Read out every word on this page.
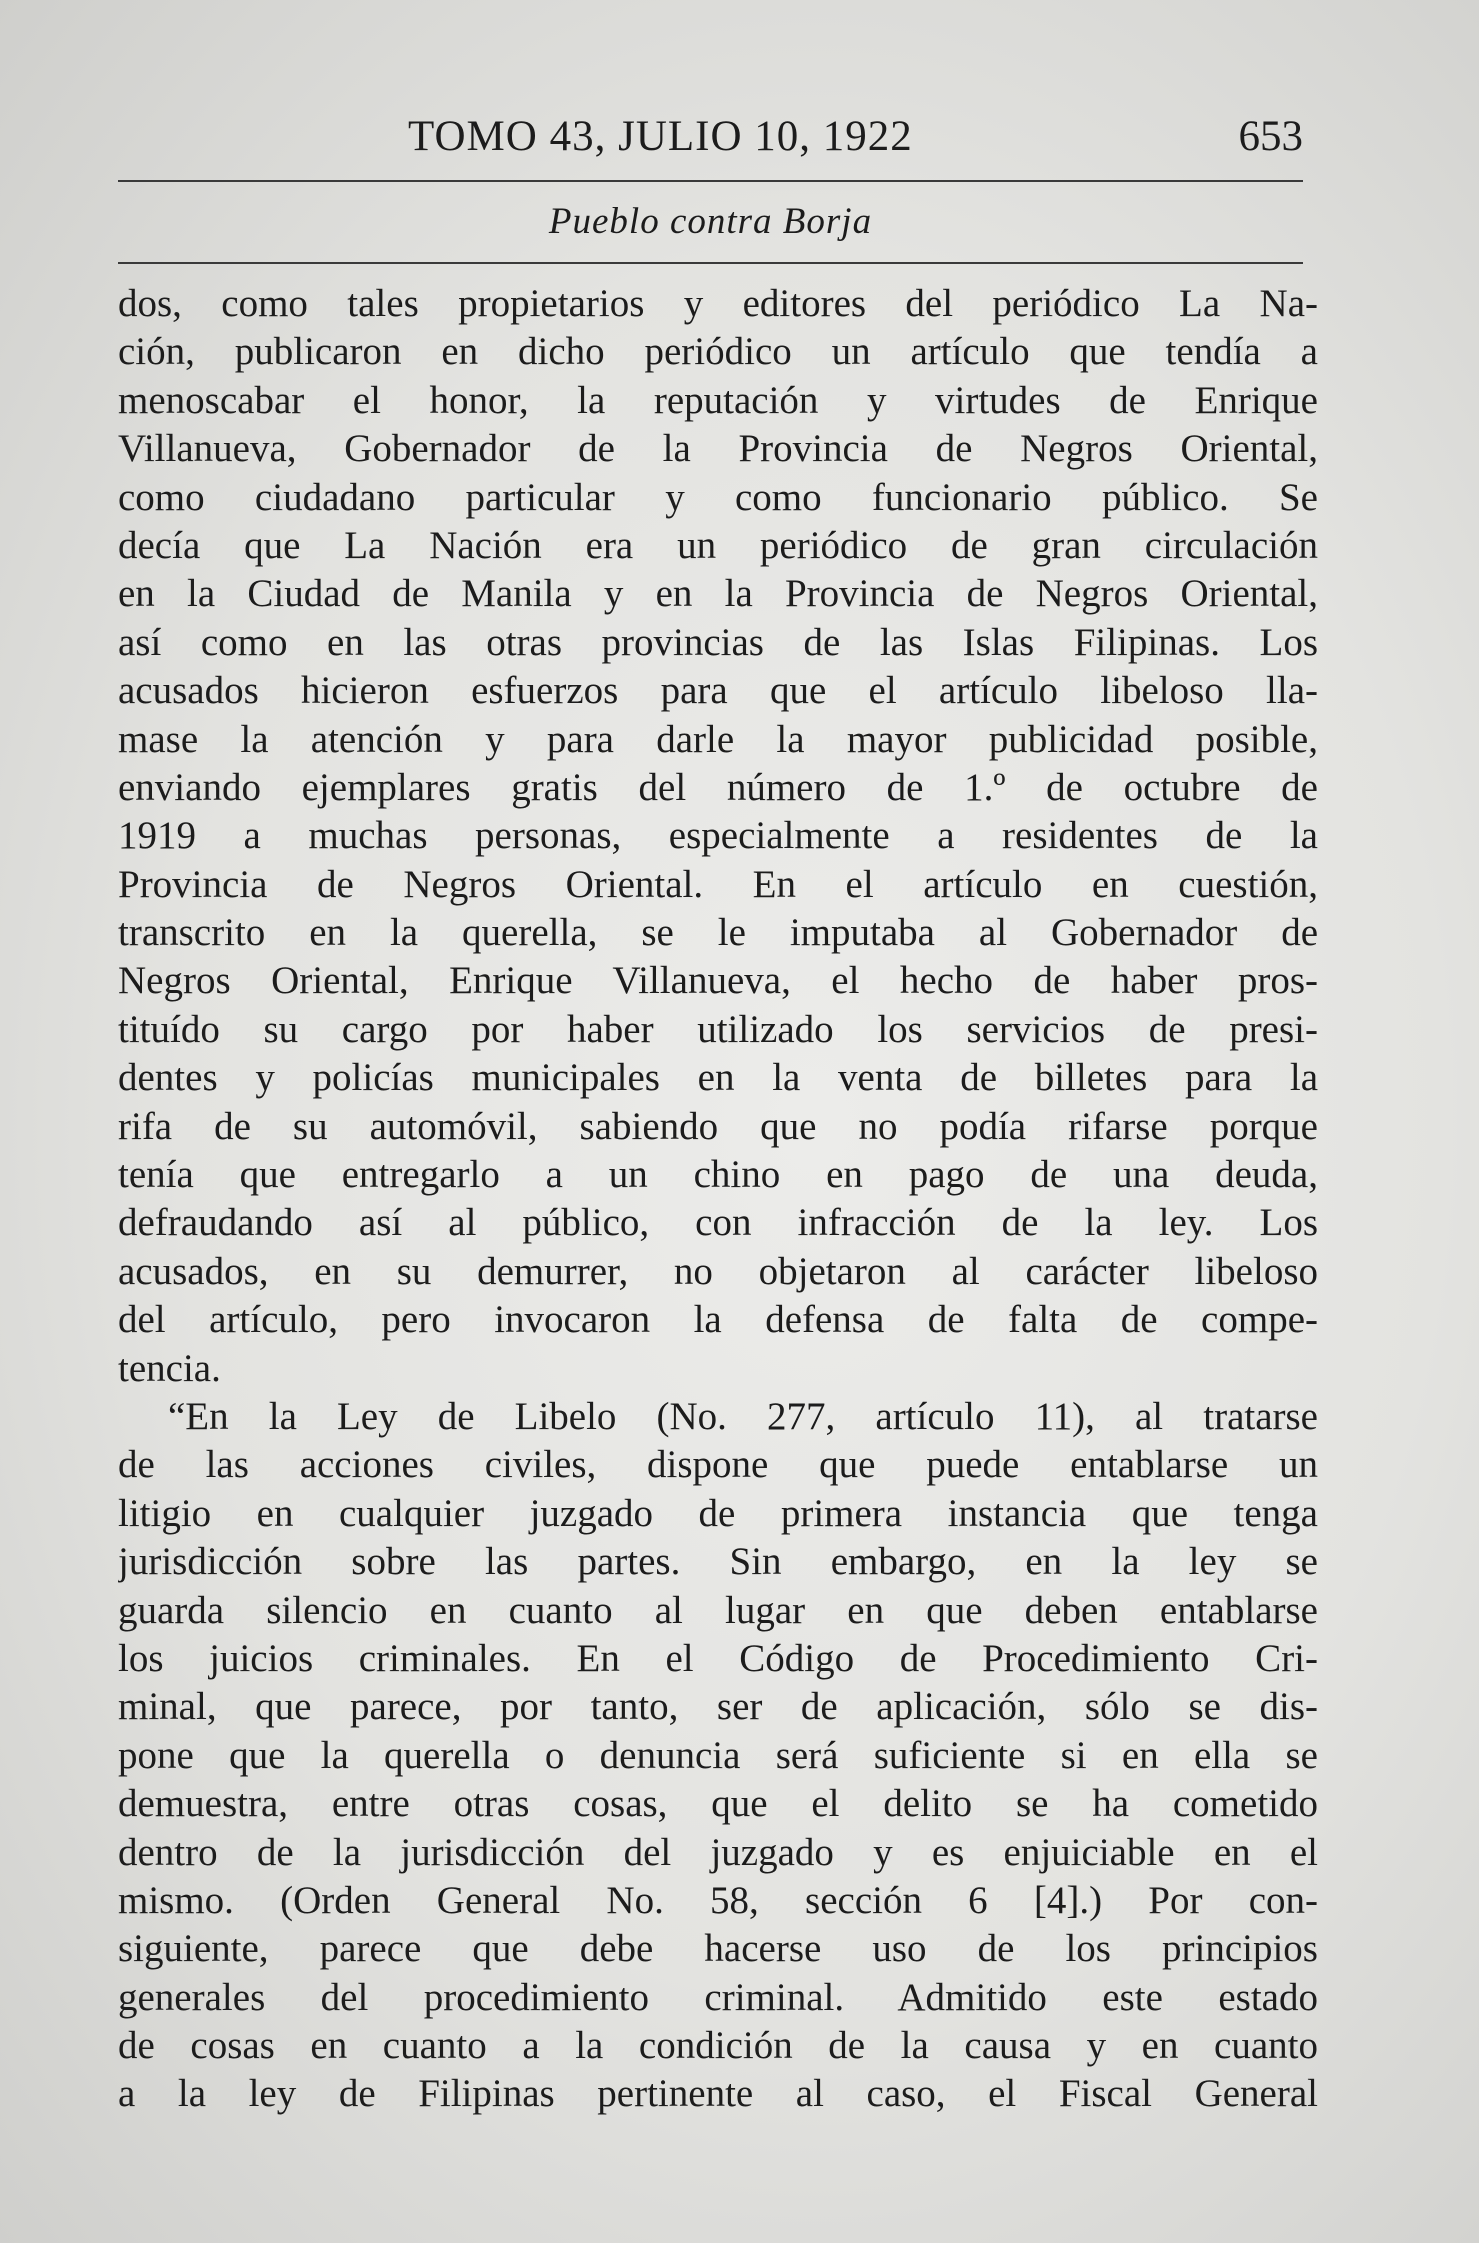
TOMO 43, JULIO 10, 1922	653
Pueblo contra Borja
dos, como tales propietarios y editores del periódico La Na-
ción, publicaron en dicho periódico un artículo que tendía a
menoscabar el honor, la reputación y virtudes de Enrique
Villanueva, Gobernador de la Provincia de Negros Oriental,
como ciudadano particular y como funcionario público. Se
decía que La Nación era un periódico de gran circulación
en la Ciudad de Manila y en la Provincia de Negros Oriental,
así como en las otras provincias de las Islas Filipinas. Los
acusados hicieron esfuerzos para que el artículo libeloso lla-
mase la atención y para darle la mayor publicidad posible,
enviando ejemplares gratis del número de 1.º de octubre de
1919 a muchas personas, especialmente a residentes de la
Provincia de Negros Oriental. En el artículo en cuestión,
transcrito en la querella, se le imputaba al Gobernador de
Negros Oriental, Enrique Villanueva, el hecho de haber pros-
tituído su cargo por haber utilizado los servicios de presi-
dentes y policías municipales en la venta de billetes para la
rifa de su automóvil, sabiendo que no podía rifarse porque
tenía que entregarlo a un chino en pago de una deuda,
defraudando así al público, con infracción de la ley. Los
acusados, en su demurrer, no objetaron al carácter libeloso
del artículo, pero invocaron la defensa de falta de compe-
tencia.
“En la Ley de Libelo (No. 277, artículo 11), al tratarse
de las acciones civiles, dispone que puede entablarse un
litigio en cualquier juzgado de primera instancia que tenga
jurisdicción sobre las partes. Sin embargo, en la ley se
guarda silencio en cuanto al lugar en que deben entablarse
los juicios criminales. En el Código de Procedimiento Cri-
minal, que parece, por tanto, ser de aplicación, sólo se dis-
pone que la querella o denuncia será suficiente si en ella se
demuestra, entre otras cosas, que el delito se ha cometido
dentro de la jurisdicción del juzgado y es enjuiciable en el
mismo. (Orden General No. 58, sección 6 [4].) Por con-
siguiente, parece que debe hacerse uso de los principios
generales del procedimiento criminal. Admitido este estado
de cosas en cuanto a la condición de la causa y en cuanto
a la ley de Filipinas pertinente al caso, el Fiscal General
